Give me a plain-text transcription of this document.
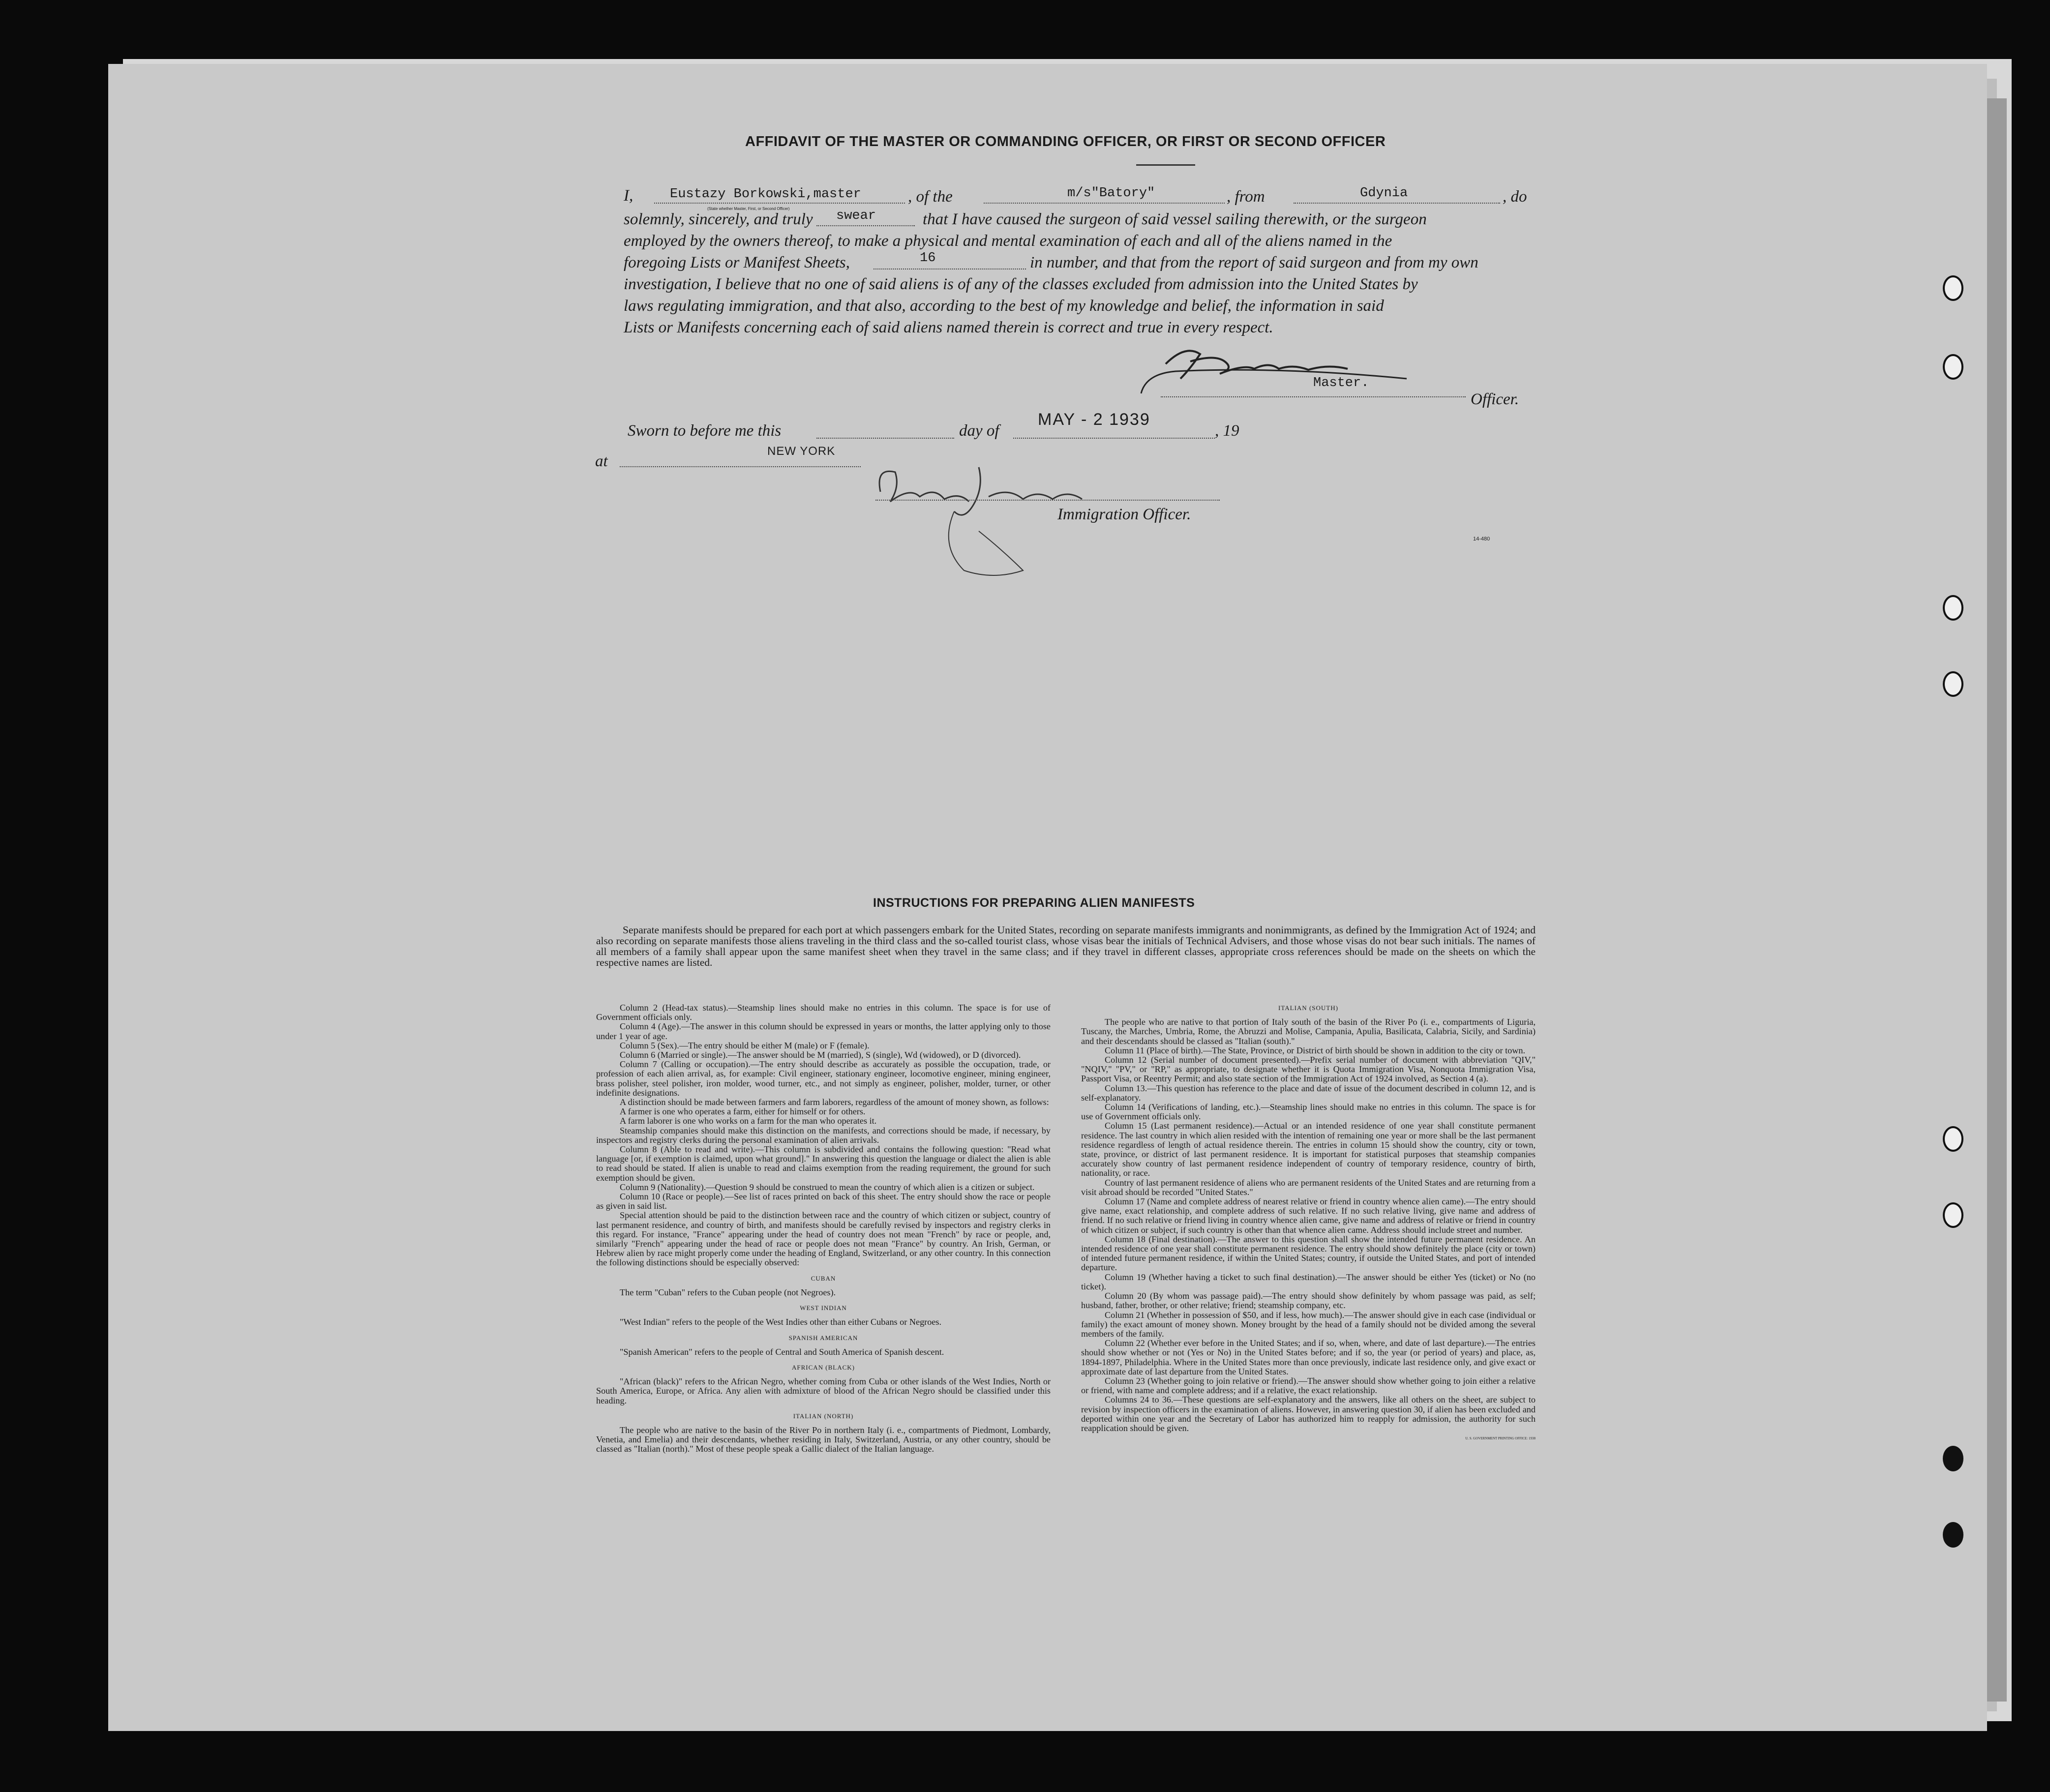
AFFIDAVIT OF THE MASTER OR COMMANDING OFFICER, OR FIRST OR SECOND OFFICER
I,	Eustazy Borkowski,master	, of the	m/s"Batory"	, from	Gdynia	, do
(State whether Master, First, or Second Officer)
solemnly, sincerely, and truly swear	that I have caused the surgeon of said vessel sailing therewith, or the surgeon
employed by the owners thereof, to make a physical and mental examination of each and all of the aliens named in the
foregoing Lists or Manifest Sheets,	16	in number, and that from the report of said surgeon and from my own
investigation, I believe that no one of said aliens is of any of the classes excluded from admission into the United States by
laws regulating immigration, and that also, according to the best of my knowledge and belief, the information in said
Lists or Manifests concerning each of said aliens named therein is correct and true in every respect.
Master.
Officer.
Sworn to before me this	day of
MAY - 2 1939
, 19
at
NEW YORK
Immigration Officer.
14-480
INSTRUCTIONS FOR PREPARING ALIEN MANIFESTS

Separate manifests should be prepared for each port at which passengers embark for the United States, recording on separate manifests immigrants and nonimmigrants, as defined by the Immigration Act of 1924; and also recording on separate manifests those aliens traveling in the third class and the so-called tourist class, whose visas bear the initials of Technical Advisers, and those whose visas do not bear such initials. The names of all members of a family shall appear upon the same manifest sheet when they travel in the same class; and if they travel in different classes, appropriate cross references should be made on the sheets on which the respective names are listed.

Column 2 (Head-tax status).—Steamship lines should make no entries in this column. The space is for use of Government officials only.

Column 4 (Age).—The answer in this column should be expressed in years or months, the latter applying only to those under 1 year of age.

Column 5 (Sex).—The entry should be either M (male) or F (female).

Column 6 (Married or single).—The answer should be M (married), S (single), Wd (widowed), or D (divorced).

Column 7 (Calling or occupation).—The entry should describe as accurately as possible the occupation, trade, or profession of each alien arrival, as, for example: Civil engineer, stationary engineer, locomotive engineer, mining engineer, brass polisher, steel polisher, iron molder, wood turner, etc., and not simply as engineer, polisher, molder, turner, or other indefinite designations.

A distinction should be made between farmers and farm laborers, regardless of the amount of money shown, as follows:

A farmer is one who operates a farm, either for himself or for others.

A farm laborer is one who works on a farm for the man who operates it.

Steamship companies should make this distinction on the manifests, and corrections should be made, if necessary, by inspectors and registry clerks during the personal examination of alien arrivals.

Column 8 (Able to read and write).—This column is subdivided and contains the following question: "Read what language [or, if exemption is claimed, upon what ground]." In answering this question the language or dialect the alien is able to read should be stated. If alien is unable to read and claims exemption from the reading requirement, the ground for such exemption should be given.

Column 9 (Nationality).—Question 9 should be construed to mean the country of which alien is a citizen or subject.

Column 10 (Race or people).—See list of races printed on back of this sheet. The entry should show the race or people as given in said list.

Special attention should be paid to the distinction between race and the country of which citizen or subject, country of last permanent residence, and country of birth, and manifests should be carefully revised by inspectors and registry clerks in this regard. For instance, "France" appearing under the head of country does not mean "French" by race or people, and, similarly "French" appearing under the head of race or people does not mean "France" by country. An Irish, German, or Hebrew alien by race might properly come under the heading of England, Switzerland, or any other country. In this connection the following distinctions should be especially observed:

CUBAN

The term "Cuban" refers to the Cuban people (not Negroes).

WEST INDIAN

"West Indian" refers to the people of the West Indies other than either Cubans or Negroes.

SPANISH AMERICAN

"Spanish American" refers to the people of Central and South America of Spanish descent.

AFRICAN (BLACK)

"African (black)" refers to the African Negro, whether coming from Cuba or other islands of the West Indies, North or South America, Europe, or Africa. Any alien with admixture of blood of the African Negro should be classified under this heading.

ITALIAN (NORTH)

The people who are native to the basin of the River Po in northern Italy (i. e., compartments of Piedmont, Lombardy, Venetia, and Emelia) and their descendants, whether residing in Italy, Switzerland, Austria, or any other country, should be classed as "Italian (north)." Most of these people speak a Gallic dialect of the Italian language.

ITALIAN (SOUTH)

The people who are native to that portion of Italy south of the basin of the River Po (i. e., compartments of Liguria, Tuscany, the Marches, Umbria, Rome, the Abruzzi and Molise, Campania, Apulia, Basilicata, Calabria, Sicily, and Sardinia) and their descendants should be classed as "Italian (south)."

Column 11 (Place of birth).—The State, Province, or District of birth should be shown in addition to the city or town.

Column 12 (Serial number of document presented).—Prefix serial number of document with abbreviation "QIV," "NQIV," "PV," or "RP," as appropriate, to designate whether it is Quota Immigration Visa, Nonquota Immigration Visa, Passport Visa, or Reentry Permit; and also state section of the Immigration Act of 1924 involved, as Section 4 (a).

Column 13.—This question has reference to the place and date of issue of the document described in column 12, and is self-explanatory.

Column 14 (Verifications of landing, etc.).—Steamship lines should make no entries in this column. The space is for use of Government officials only.

Column 15 (Last permanent residence).—Actual or an intended residence of one year shall constitute permanent residence. The last country in which alien resided with the intention of remaining one year or more shall be the last permanent residence regardless of length of actual residence therein. The entries in column 15 should show the country, city or town, state, province, or district of last permanent residence. It is important for statistical purposes that steamship companies accurately show country of last permanent residence independent of country of temporary residence, country of birth, nationality, or race.

Country of last permanent residence of aliens who are permanent residents of the United States and are returning from a visit abroad should be recorded "United States."

Column 17 (Name and complete address of nearest relative or friend in country whence alien came).—The entry should give name, exact relationship, and complete address of such relative. If no such relative living, give name and address of friend. If no such relative or friend living in country whence alien came, give name and address of relative or friend in country of which citizen or subject, if such country is other than that whence alien came. Address should include street and number.

Column 18 (Final destination).—The answer to this question shall show the intended future permanent residence. An intended residence of one year shall constitute permanent residence. The entry should show definitely the place (city or town) of intended future permanent residence, if within the United States; country, if outside the United States, and port of intended departure.

Column 19 (Whether having a ticket to such final destination).—The answer should be either Yes (ticket) or No (no ticket).

Column 20 (By whom was passage paid).—The entry should show definitely by whom passage was paid, as self; husband, father, brother, or other relative; friend; steamship company, etc.

Column 21 (Whether in possession of $50, and if less, how much).—The answer should give in each case (individual or family) the exact amount of money shown. Money brought by the head of a family should not be divided among the several members of the family.

Column 22 (Whether ever before in the United States; and if so, when, where, and date of last departure).—The entries should show whether or not (Yes or No) in the United States before; and if so, the year (or period of years) and place, as, 1894-1897, Philadelphia. Where in the United States more than once previously, indicate last residence only, and give exact or approximate date of last departure from the United States.

Column 23 (Whether going to join relative or friend).—The answer should show whether going to join either a relative or friend, with name and complete address; and if a relative, the exact relationship.

Columns 24 to 36.—These questions are self-explanatory and the answers, like all others on the sheet, are subject to revision by inspection officers in the examination of aliens. However, in answering question 30, if alien has been excluded and deported within one year and the Secretary of Labor has authorized him to reapply for admission, the authority for such reapplication should be given.

U. S. GOVERNMENT PRINTING OFFICE: 1938
